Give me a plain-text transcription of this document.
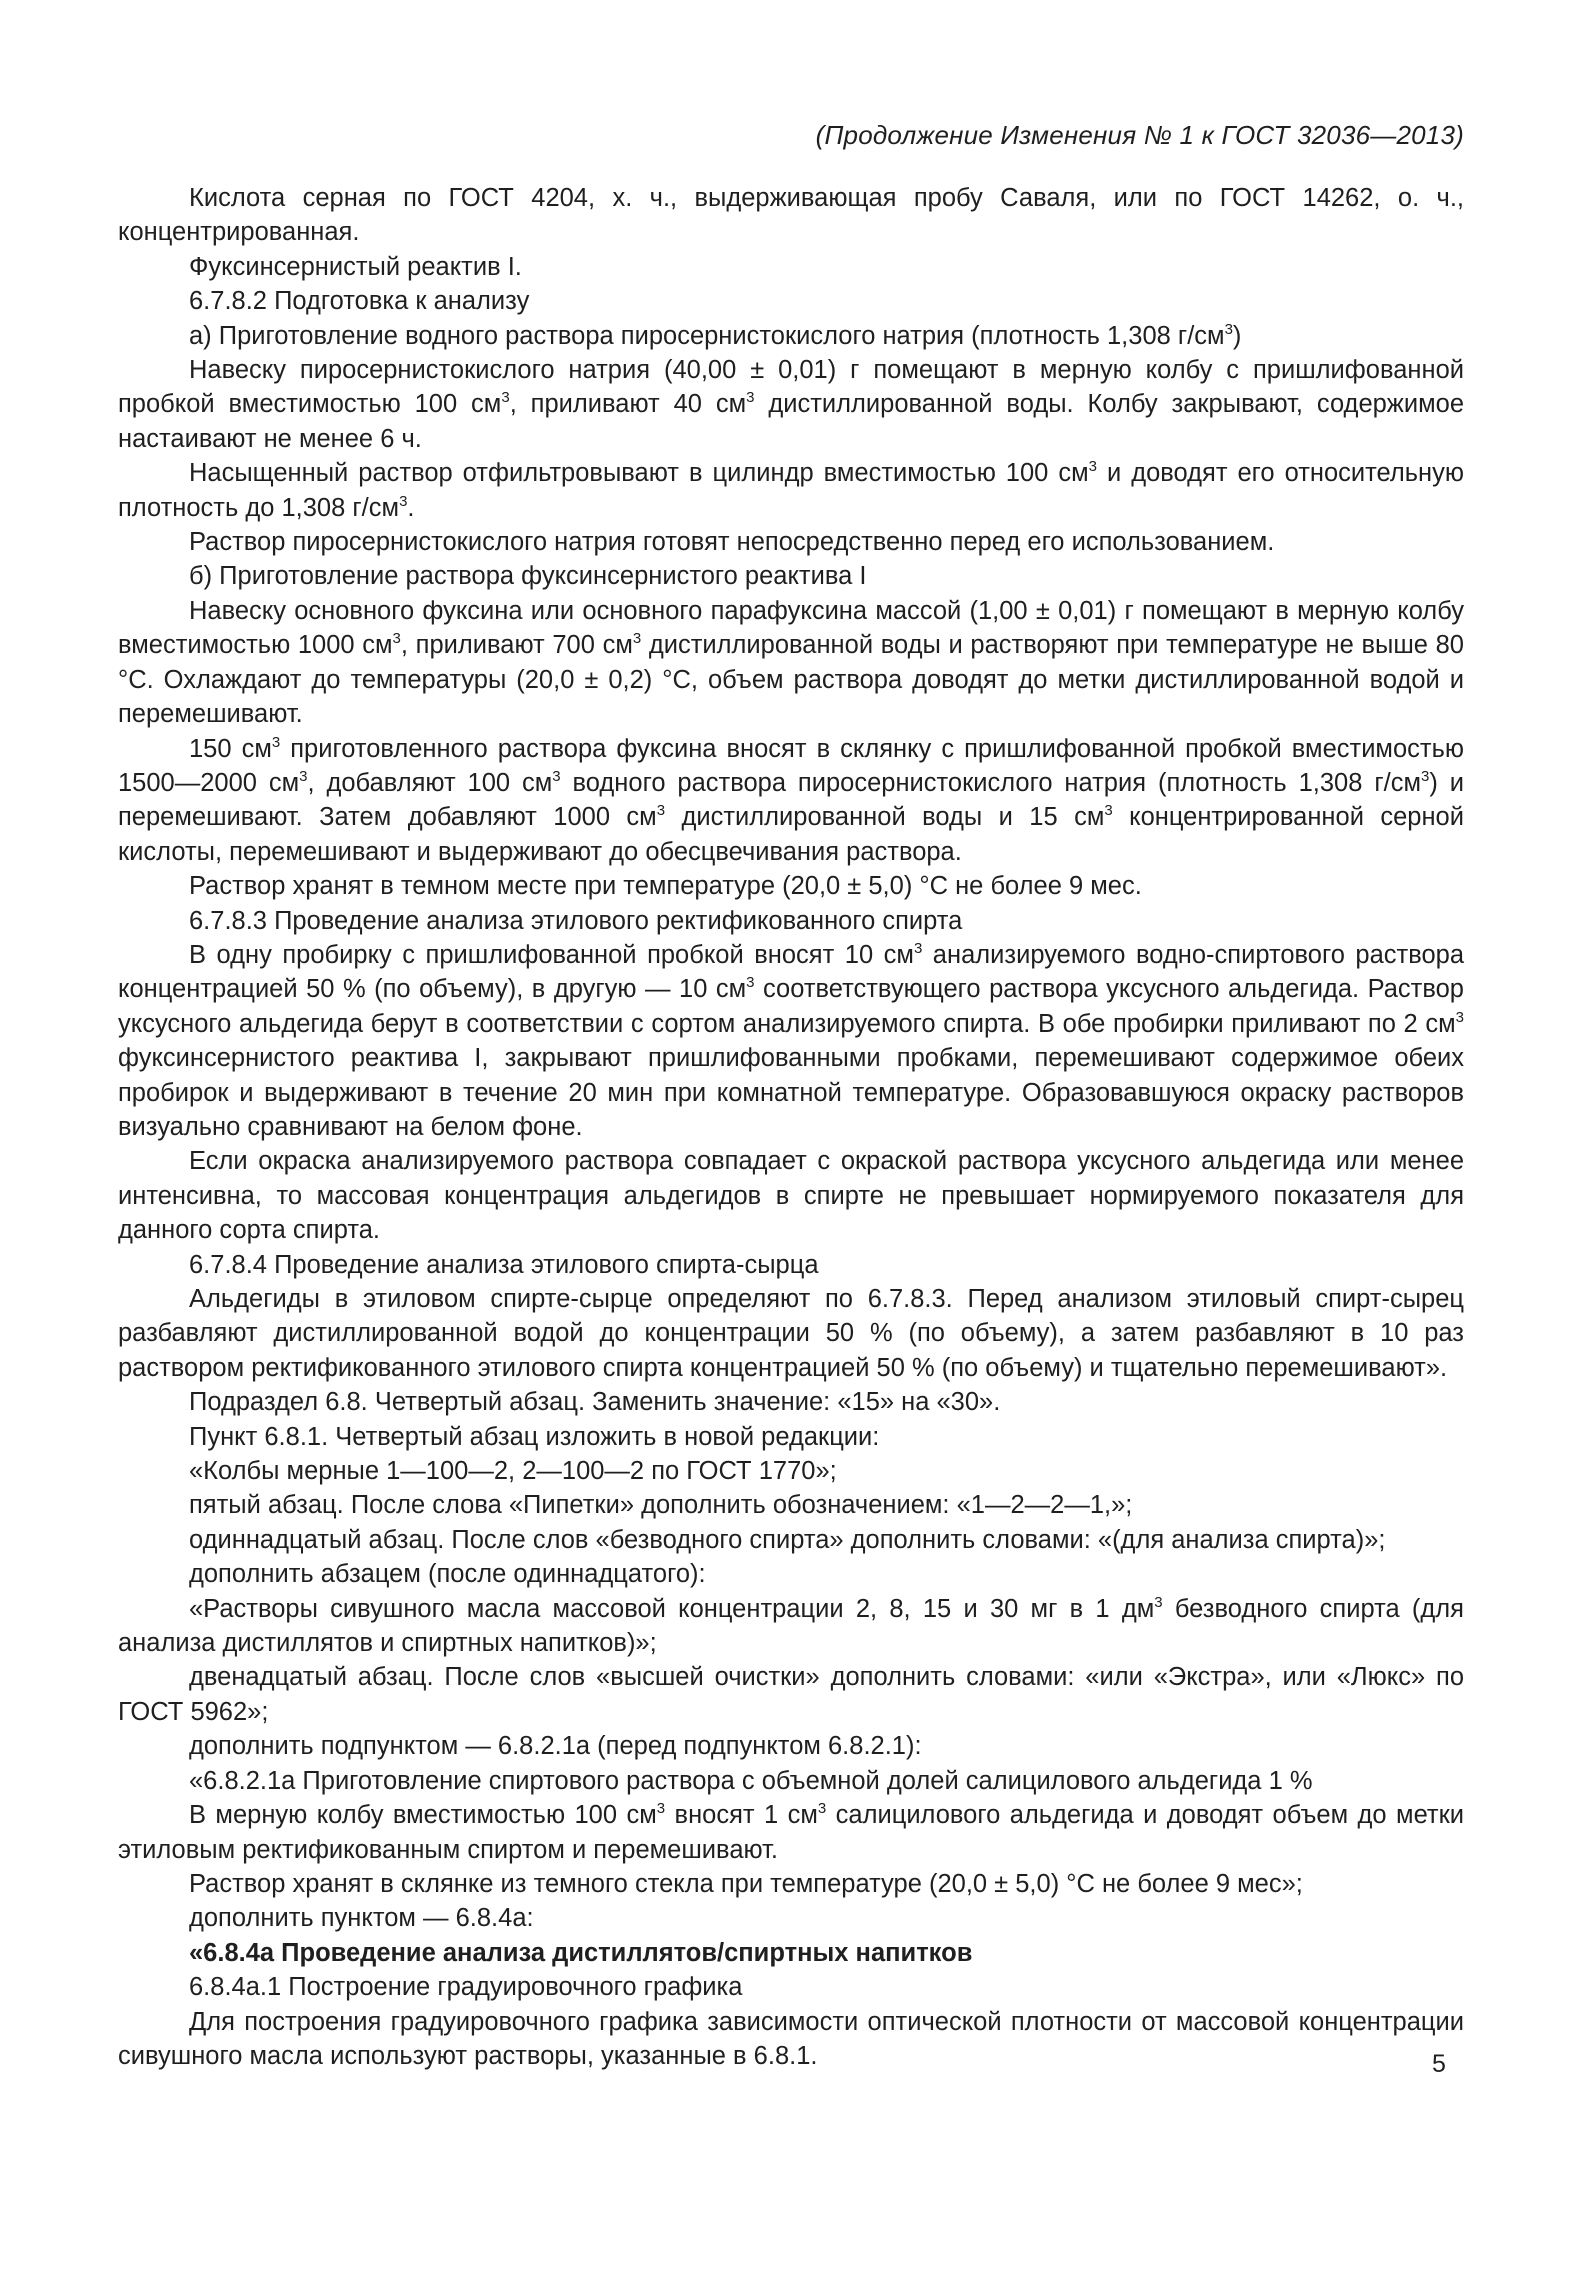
(Продолжение Изменения № 1 к ГОСТ 32036—2013)

Кислота серная по ГОСТ 4204, х. ч., выдерживающая пробу Саваля, или по ГОСТ 14262, о. ч., концентрированная.

Фуксинсернистый реактив I.

6.7.8.2 Подготовка к анализу

а) Приготовление водного раствора пиросернистокислого натрия (плотность 1,308 $г/см^3$)

Навеску пиросернистокислого натрия (40,00 ± 0,01) г помещают в мерную колбу с пришлифованной пробкой вместимостью 100 $см^3$, приливают 40 $см^3$ дистиллированной воды. Колбу закрывают, содержимое настаивают не менее 6 ч.

Насыщенный раствор отфильтровывают в цилиндр вместимостью 100 $см^3$ и доводят его относительную плотность до 1,308 $г/см^3$.

Раствор пиросернистокислого натрия готовят непосредственно перед его использованием.

б) Приготовление раствора фуксинсернистого реактива I

Навеску основного фуксина или основного парафуксина массой (1,00 ± 0,01) г помещают в мерную колбу вместимостью 1000 $см^3$, приливают 700 $см^3$ дистиллированной воды и растворяют при температуре не выше 80 °С. Охлаждают до температуры (20,0 ± 0,2) °С, объем раствора доводят до метки дистиллированной водой и перемешивают.

150 $см^3$ приготовленного раствора фуксина вносят в склянку с пришлифованной пробкой вместимостью 1500—2000 $см^3$, добавляют 100 $см^3$ водного раствора пиросернистокислого натрия (плотность 1,308 $г/см^3$) и перемешивают. Затем добавляют 1000 $см^3$ дистиллированной воды и 15 $см^3$ концентрированной серной кислоты, перемешивают и выдерживают до обесцвечивания раствора.

Раствор хранят в темном месте при температуре (20,0 ± 5,0) °С не более 9 мес.

6.7.8.3 Проведение анализа этилового ректификованного спирта

В одну пробирку с пришлифованной пробкой вносят 10 $см^3$ анализируемого водно-спиртового раствора концентрацией 50 % (по объему), в другую — 10 $см^3$ соответствующего раствора уксусного альдегида. Раствор уксусного альдегида берут в соответствии с сортом анализируемого спирта. В обе пробирки приливают по 2 $см^3$ фуксинсернистого реактива I, закрывают пришлифованными пробками, перемешивают содержимое обеих пробирок и выдерживают в течение 20 мин при комнатной температуре. Образовавшуюся окраску растворов визуально сравнивают на белом фоне.

Если окраска анализируемого раствора совпадает с окраской раствора уксусного альдегида или менее интенсивна, то массовая концентрация альдегидов в спирте не превышает нормируемого показателя для данного сорта спирта.

6.7.8.4 Проведение анализа этилового спирта-сырца

Альдегиды в этиловом спирте-сырце определяют по 6.7.8.3. Перед анализом этиловый спирт-сырец разбавляют дистиллированной водой до концентрации 50 % (по объему), а затем разбавляют в 10 раз раствором ректификованного этилового спирта концентрацией 50 % (по объему) и тщательно перемешивают».

Подраздел 6.8. Четвертый абзац. Заменить значение: «15» на «30».

Пункт 6.8.1. Четвертый абзац изложить в новой редакции:

«Колбы мерные 1—100—2, 2—100—2 по ГОСТ 1770»;

пятый абзац. После слова «Пипетки» дополнить обозначением: «1—2—2—1,»;

одиннадцатый абзац. После слов «безводного спирта» дополнить словами: «(для анализа спирта)»;

дополнить абзацем (после одиннадцатого):

«Растворы сивушного масла массовой концентрации 2, 8, 15 и 30 мг в 1 $дм^3$ безводного спирта (для анализа дистиллятов и спиртных напитков)»;

двенадцатый абзац. После слов «высшей очистки» дополнить словами: «или «Экстра», или «Люкс» по ГОСТ 5962»;

дополнить подпунктом — 6.8.2.1а (перед подпунктом 6.8.2.1):

«6.8.2.1а Приготовление спиртового раствора с объемной долей салицилового альдегида 1 %

В мерную колбу вместимостью 100 $см^3$ вносят 1 $см^3$ салицилового альдегида и доводят объем до метки этиловым ректификованным спиртом и перемешивают.

Раствор хранят в склянке из темного стекла при температуре (20,0 ± 5,0) °С не более 9 мес»;

дополнить пунктом — 6.8.4а:

«6.8.4а Проведение анализа дистиллятов/спиртных напитков

6.8.4а.1 Построение градуировочного графика

Для построения градуировочного графика зависимости оптической плотности от массовой концентрации сивушного масла используют растворы, указанные в 6.8.1.	5
